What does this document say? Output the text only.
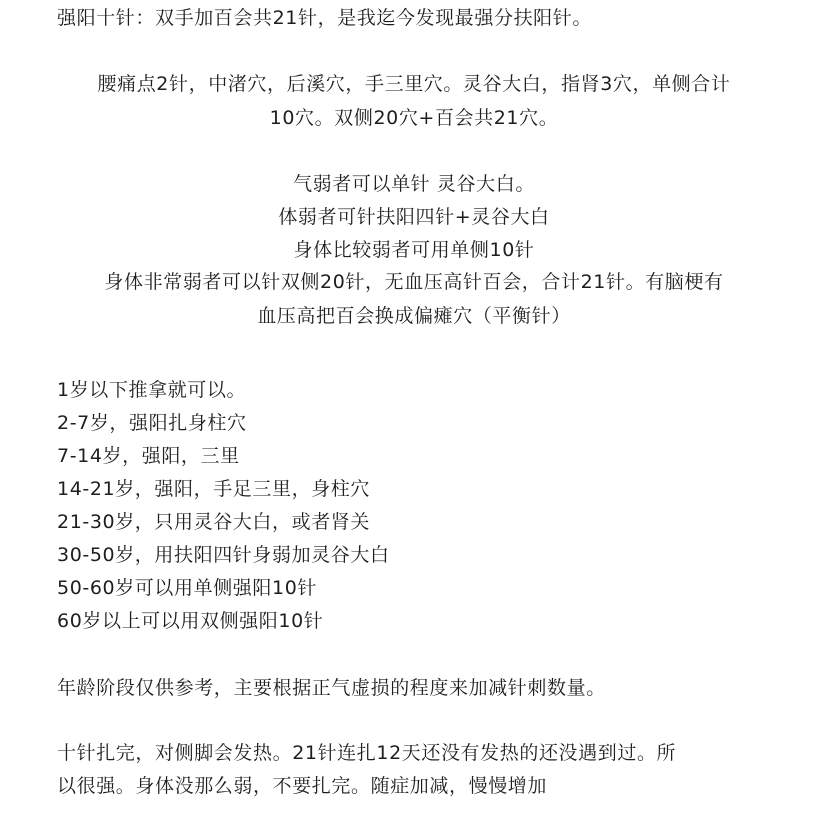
强阳十针：双手加百会共21针，是我迄今发现最强分扶阳针。
腰痛点2针，中渚穴，后溪穴，手三里穴。灵谷大白，指肾3穴，单侧合计
10穴。双侧20穴+百会共21穴。
气弱者可以单针 灵谷大白。
体弱者可针扶阳四针+灵谷大白
身体比较弱者可用单侧10针
身体非常弱者可以针双侧20针，无血压高针百会，合计21针。有脑梗有
血压高把百会换成偏瘫穴（平衡针）
1岁以下推拿就可以。
2-7岁，强阳扎身柱穴
7-14岁，强阳，三里
14-21岁，强阳，手足三里，身柱穴
21-30岁，只用灵谷大白，或者肾关
30-50岁，用扶阳四针身弱加灵谷大白
50-60岁可以用单侧强阳10针
60岁以上可以用双侧强阳10针
年龄阶段仅供参考，主要根据正气虚损的程度来加减针刺数量。
十针扎完，对侧脚会发热。21针连扎12天还没有发热的还没遇到过。所
以很强。身体没那么弱，不要扎完。随症加减，慢慢增加
